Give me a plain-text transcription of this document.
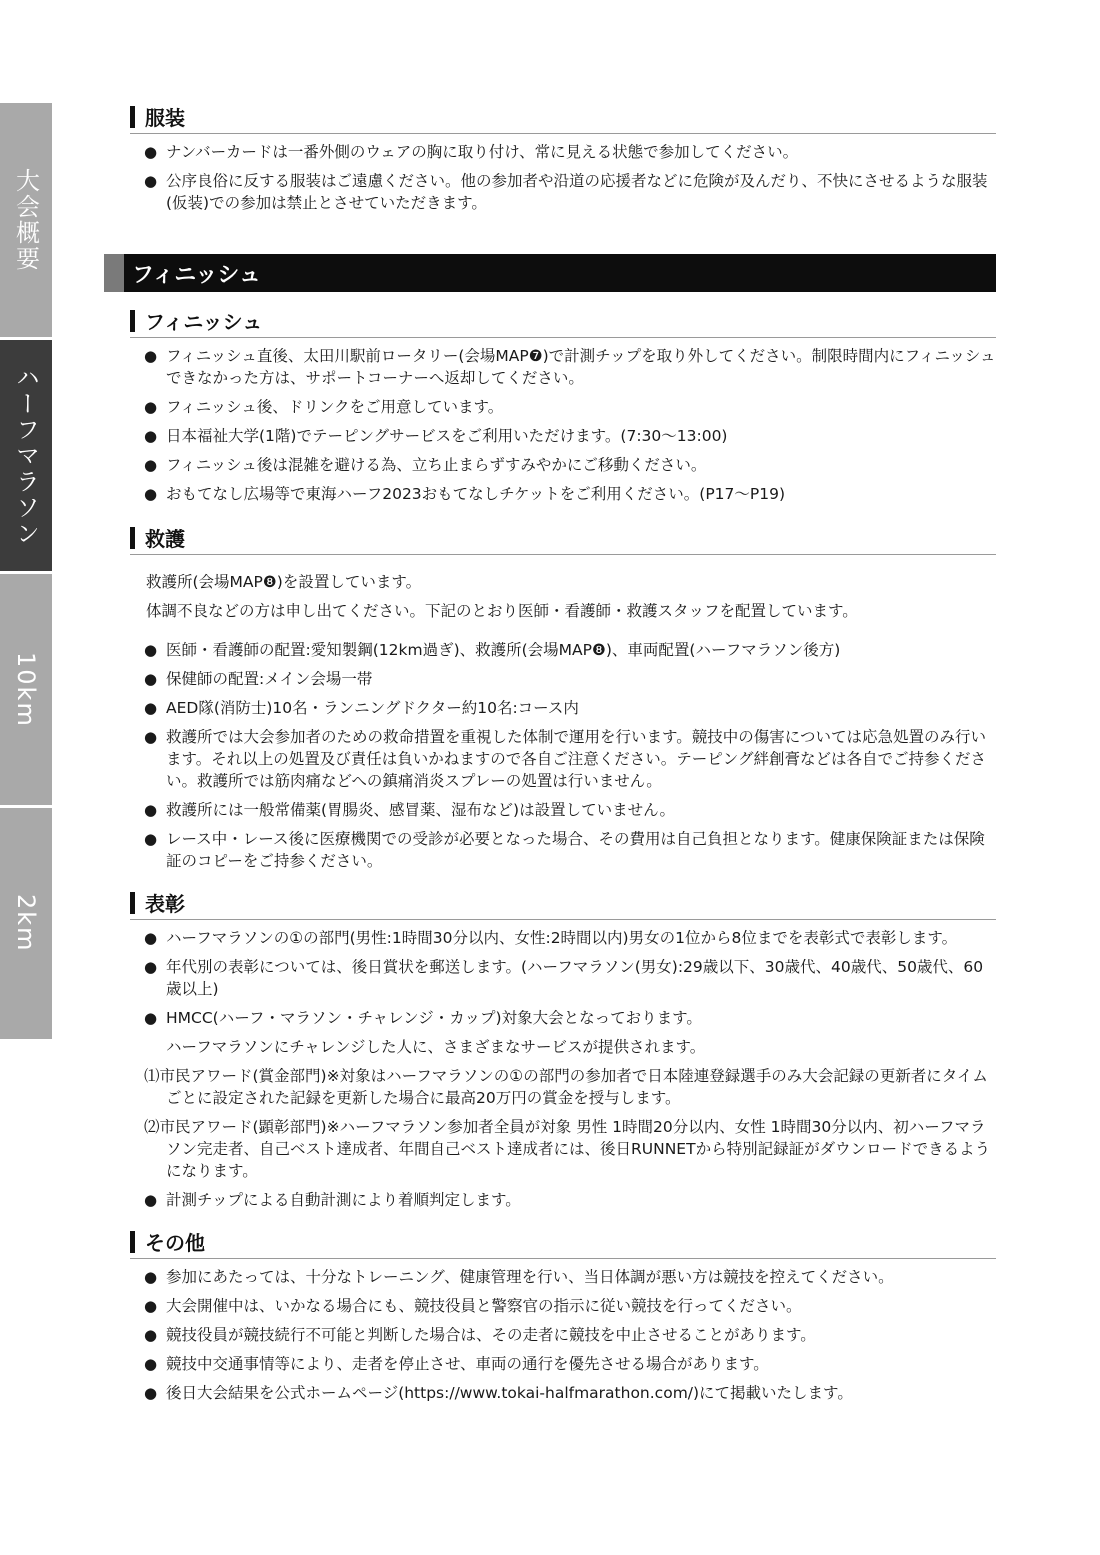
大会概要
ハーフマラソン
10km
2km
服装
● ナンバーカードは一番外側のウェアの胸に取り付け、常に見える状態で参加してください。
● 公序良俗に反する服装はご遠慮ください。他の参加者や沿道の応援者などに危険が及んだり、不快にさせるような服装(仮装)での参加は禁止とさせていただきます。
フィニッシュ
フィニッシュ
● フィニッシュ直後、太田川駅前ロータリー(会場MAP❼)で計測チップを取り外してください。制限時間内にフィニッシュできなかった方は、サポートコーナーへ返却してください。
● フィニッシュ後、ドリンクをご用意しています。
● 日本福祉大学(1階)でテーピングサービスをご利用いただけます。(7:30〜13:00)
● フィニッシュ後は混雑を避ける為、立ち止まらずすみやかにご移動ください。
● おもてなし広場等で東海ハーフ2023おもてなしチケットをご利用ください。(P17〜P19)
救護
救護所(会場MAP❽)を設置しています。
体調不良などの方は申し出てください。下記のとおり医師・看護師・救護スタッフを配置しています。
● 医師・看護師の配置:愛知製鋼(12km過ぎ)、救護所(会場MAP❽)、車両配置(ハーフマラソン後方)
● 保健師の配置:メイン会場一帯
● AED隊(消防士)10名・ランニングドクター約10名:コース内
● 救護所では大会参加者のための救命措置を重視した体制で運用を行います。競技中の傷害については応急処置のみ行います。それ以上の処置及び責任は負いかねますので各自ご注意ください。テーピング絆創膏などは各自でご持参ください。救護所では筋肉痛などへの鎮痛消炎スプレーの処置は行いません。
● 救護所には一般常備薬(胃腸炎、感冒薬、湿布など)は設置していません。
● レース中・レース後に医療機関での受診が必要となった場合、その費用は自己負担となります。健康保険証または保険証のコピーをご持参ください。
表彰
● ハーフマラソンの①の部門(男性:1時間30分以内、女性:2時間以内)男女の1位から8位までを表彰式で表彰します。
● 年代別の表彰については、後日賞状を郵送します。(ハーフマラソン(男女):29歳以下、30歳代、40歳代、50歳代、60歳以上)
● HMCC(ハーフ・マラソン・チャレンジ・カップ)対象大会となっております。
ハーフマラソンにチャレンジした人に、さまざまなサービスが提供されます。
⑴市民アワード(賞金部門)※対象はハーフマラソンの①の部門の参加者で日本陸連登録選手のみ大会記録の更新者にタイムごとに設定された記録を更新した場合に最高20万円の賞金を授与します。
⑵市民アワード(顕彰部門)※ハーフマラソン参加者全員が対象 男性 1時間20分以内、女性 1時間30分以内、初ハーフマラソン完走者、自己ベスト達成者、年間自己ベスト達成者には、後日RUNNETから特別記録証がダウンロードできるようになります。
● 計測チップによる自動計測により着順判定します。
その他
● 参加にあたっては、十分なトレーニング、健康管理を行い、当日体調が悪い方は競技を控えてください。
● 大会開催中は、いかなる場合にも、競技役員と警察官の指示に従い競技を行ってください。
● 競技役員が競技続行不可能と判断した場合は、その走者に競技を中止させることがあります。
● 競技中交通事情等により、走者を停止させ、車両の通行を優先させる場合があります。
● 後日大会結果を公式ホームページ(https://www.tokai-halfmarathon.com/)にて掲載いたします。
